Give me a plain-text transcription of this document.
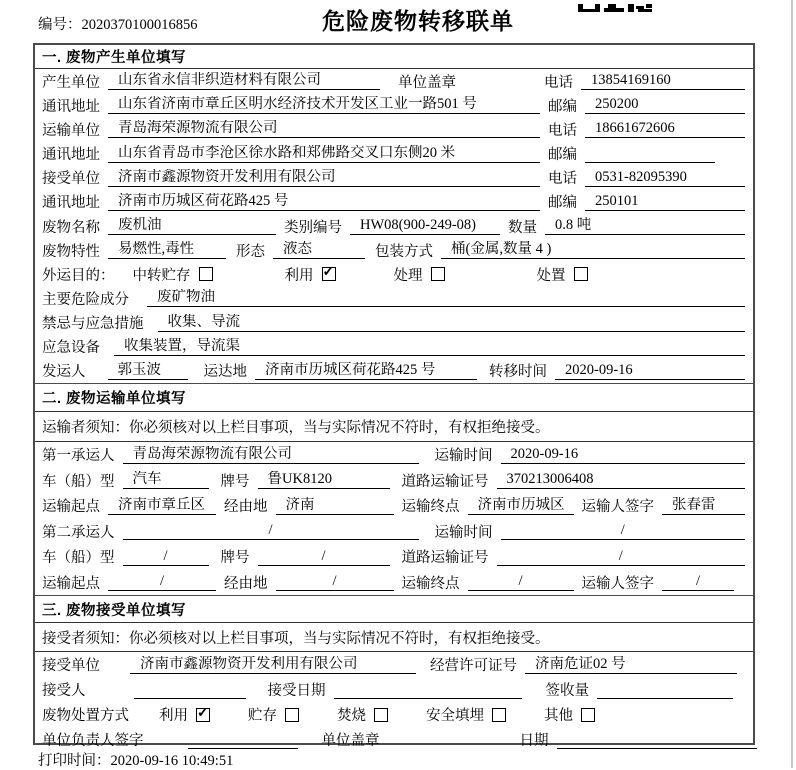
编号：2020370100016856	危险废物转移联单
一. 废物产生单位填写
产生单位 山东省永信非织造材料有限公司	单位盖章	电话 13854169160
通讯地址 山东省济南市章丘区明水经济技术开发区工业一路501 号	邮编 250200
运输单位 青岛海荣源物流有限公司	电话 18661672606
通讯地址 山东省青岛市李沧区徐水路和郑佛路交叉口东侧20 米	邮编
接受单位 济南市鑫源物资开发利用有限公司	电话 0531-82095390
通讯地址 济南市历城区荷花路425 号	邮编 250101
废物名称 废机油	类别编号 HW08(900-249-08) 数量 0.8 吨
废物特性 易燃性,毒性	形态 液态	包装方式 桶(金属,数量 4 )
外运目的： 中转贮存	利用 ✓	处理	处置
主要危险成分 废矿物油
禁忌与应急措施 收集、导流
应急设备 收集装置，导流渠
发运人 郭玉波	运达地 济南市历城区荷花路425 号	转移时间 2020-09-16
二. 废物运输单位填写
运输者须知：你必须核对以上栏目事项，当与实际情况不符时，有权拒绝接受。
第一承运人 青岛海荣源物流有限公司	运输时间 2020-09-16
车（船）型 汽车	牌号 鲁UK8120	道路运输证号 370213006408
运输起点 济南市章丘区 经由地 济南	运输终点 济南市历城区 运输人签字 张春雷
第二承运人	/	运输时间	/
车（船）型	/	牌号	/	道路运输证号	/
运输起点	/	经由地	/	运输终点	/	运输人签字	/
三. 废物接受单位填写
接受者须知：你必须核对以上栏目事项，当与实际情况不符时，有权拒绝接受。
接受单位	济南市鑫源物资开发利用有限公司	经营许可证号 济南危证02 号
接受人	接受日期	签收量
废物处置方式 利用 ✓	贮存	焚烧	安全填埋	其他
单位负责人签字	单位盖章	日期
打印时间：2020-09-16 10:49:51
